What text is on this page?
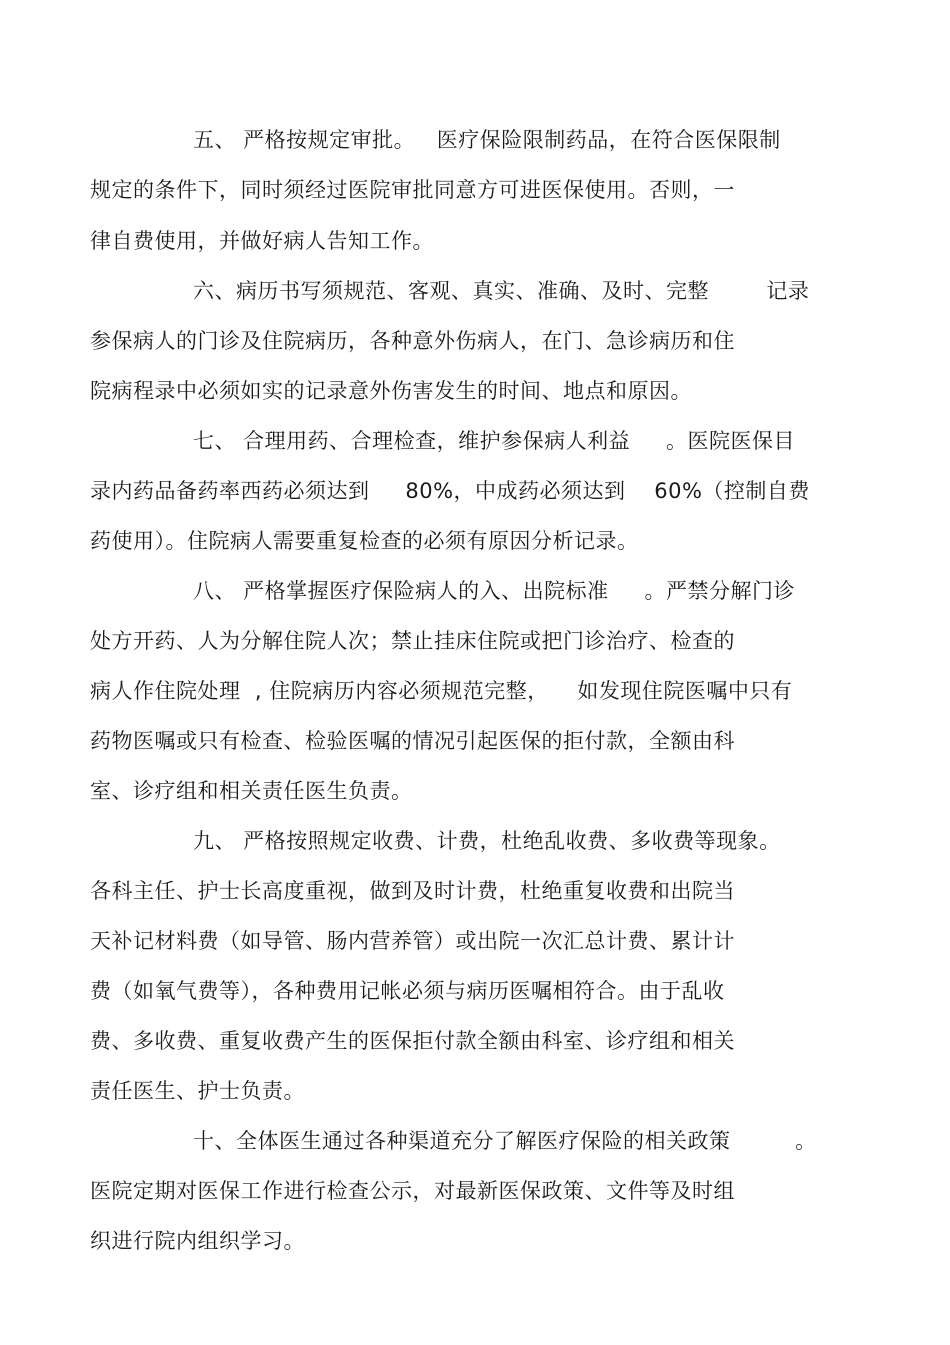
五、 严格按规定审批。   医疗保险限制药品，在符合医保限制
规定的条件下，同时须经过医院审批同意方可进医保使用。否则，一
律自费使用，并做好病人告知工作。
六、病历书写须规范、客观、真实、准确、及时、完整        记录
参保病人的门诊及住院病历，各种意外伤病人，在门、急诊病历和住
院病程录中必须如实的记录意外伤害发生的时间、地点和原因。
七、 合理用药、合理检查，维护参保病人利益     。医院医保目
录内药品备药率西药必须达到     80%，中成药必须达到    60%（控制自费
药使用）。住院病人需要重复检查的必须有原因分析记录。
八、 严格掌握医疗保险病人的入、出院标准     。严禁分解门诊
处方开药、人为分解住院人次；禁止挂床住院或把门诊治疗、检查的
病人作住院处理  , 住院病历内容必须规范完整，    如发现住院医嘱中只有
药物医嘱或只有检查、检验医嘱的情况引起医保的拒付款，全额由科
室、诊疗组和相关责任医生负责。
九、 严格按照规定收费、计费，杜绝乱收费、多收费等现象。
各科主任、护士长高度重视，做到及时计费，杜绝重复收费和出院当
天补记材料费（如导管、肠内营养管）或出院一次汇总计费、累计计
费（如氧气费等），各种费用记帐必须与病历医嘱相符合。由于乱收
费、多收费、重复收费产生的医保拒付款全额由科室、诊疗组和相关
责任医生、护士负责。
十、全体医生通过各种渠道充分了解医疗保险的相关政策         。
医院定期对医保工作进行检查公示，对最新医保政策、文件等及时组
织进行院内组织学习。
